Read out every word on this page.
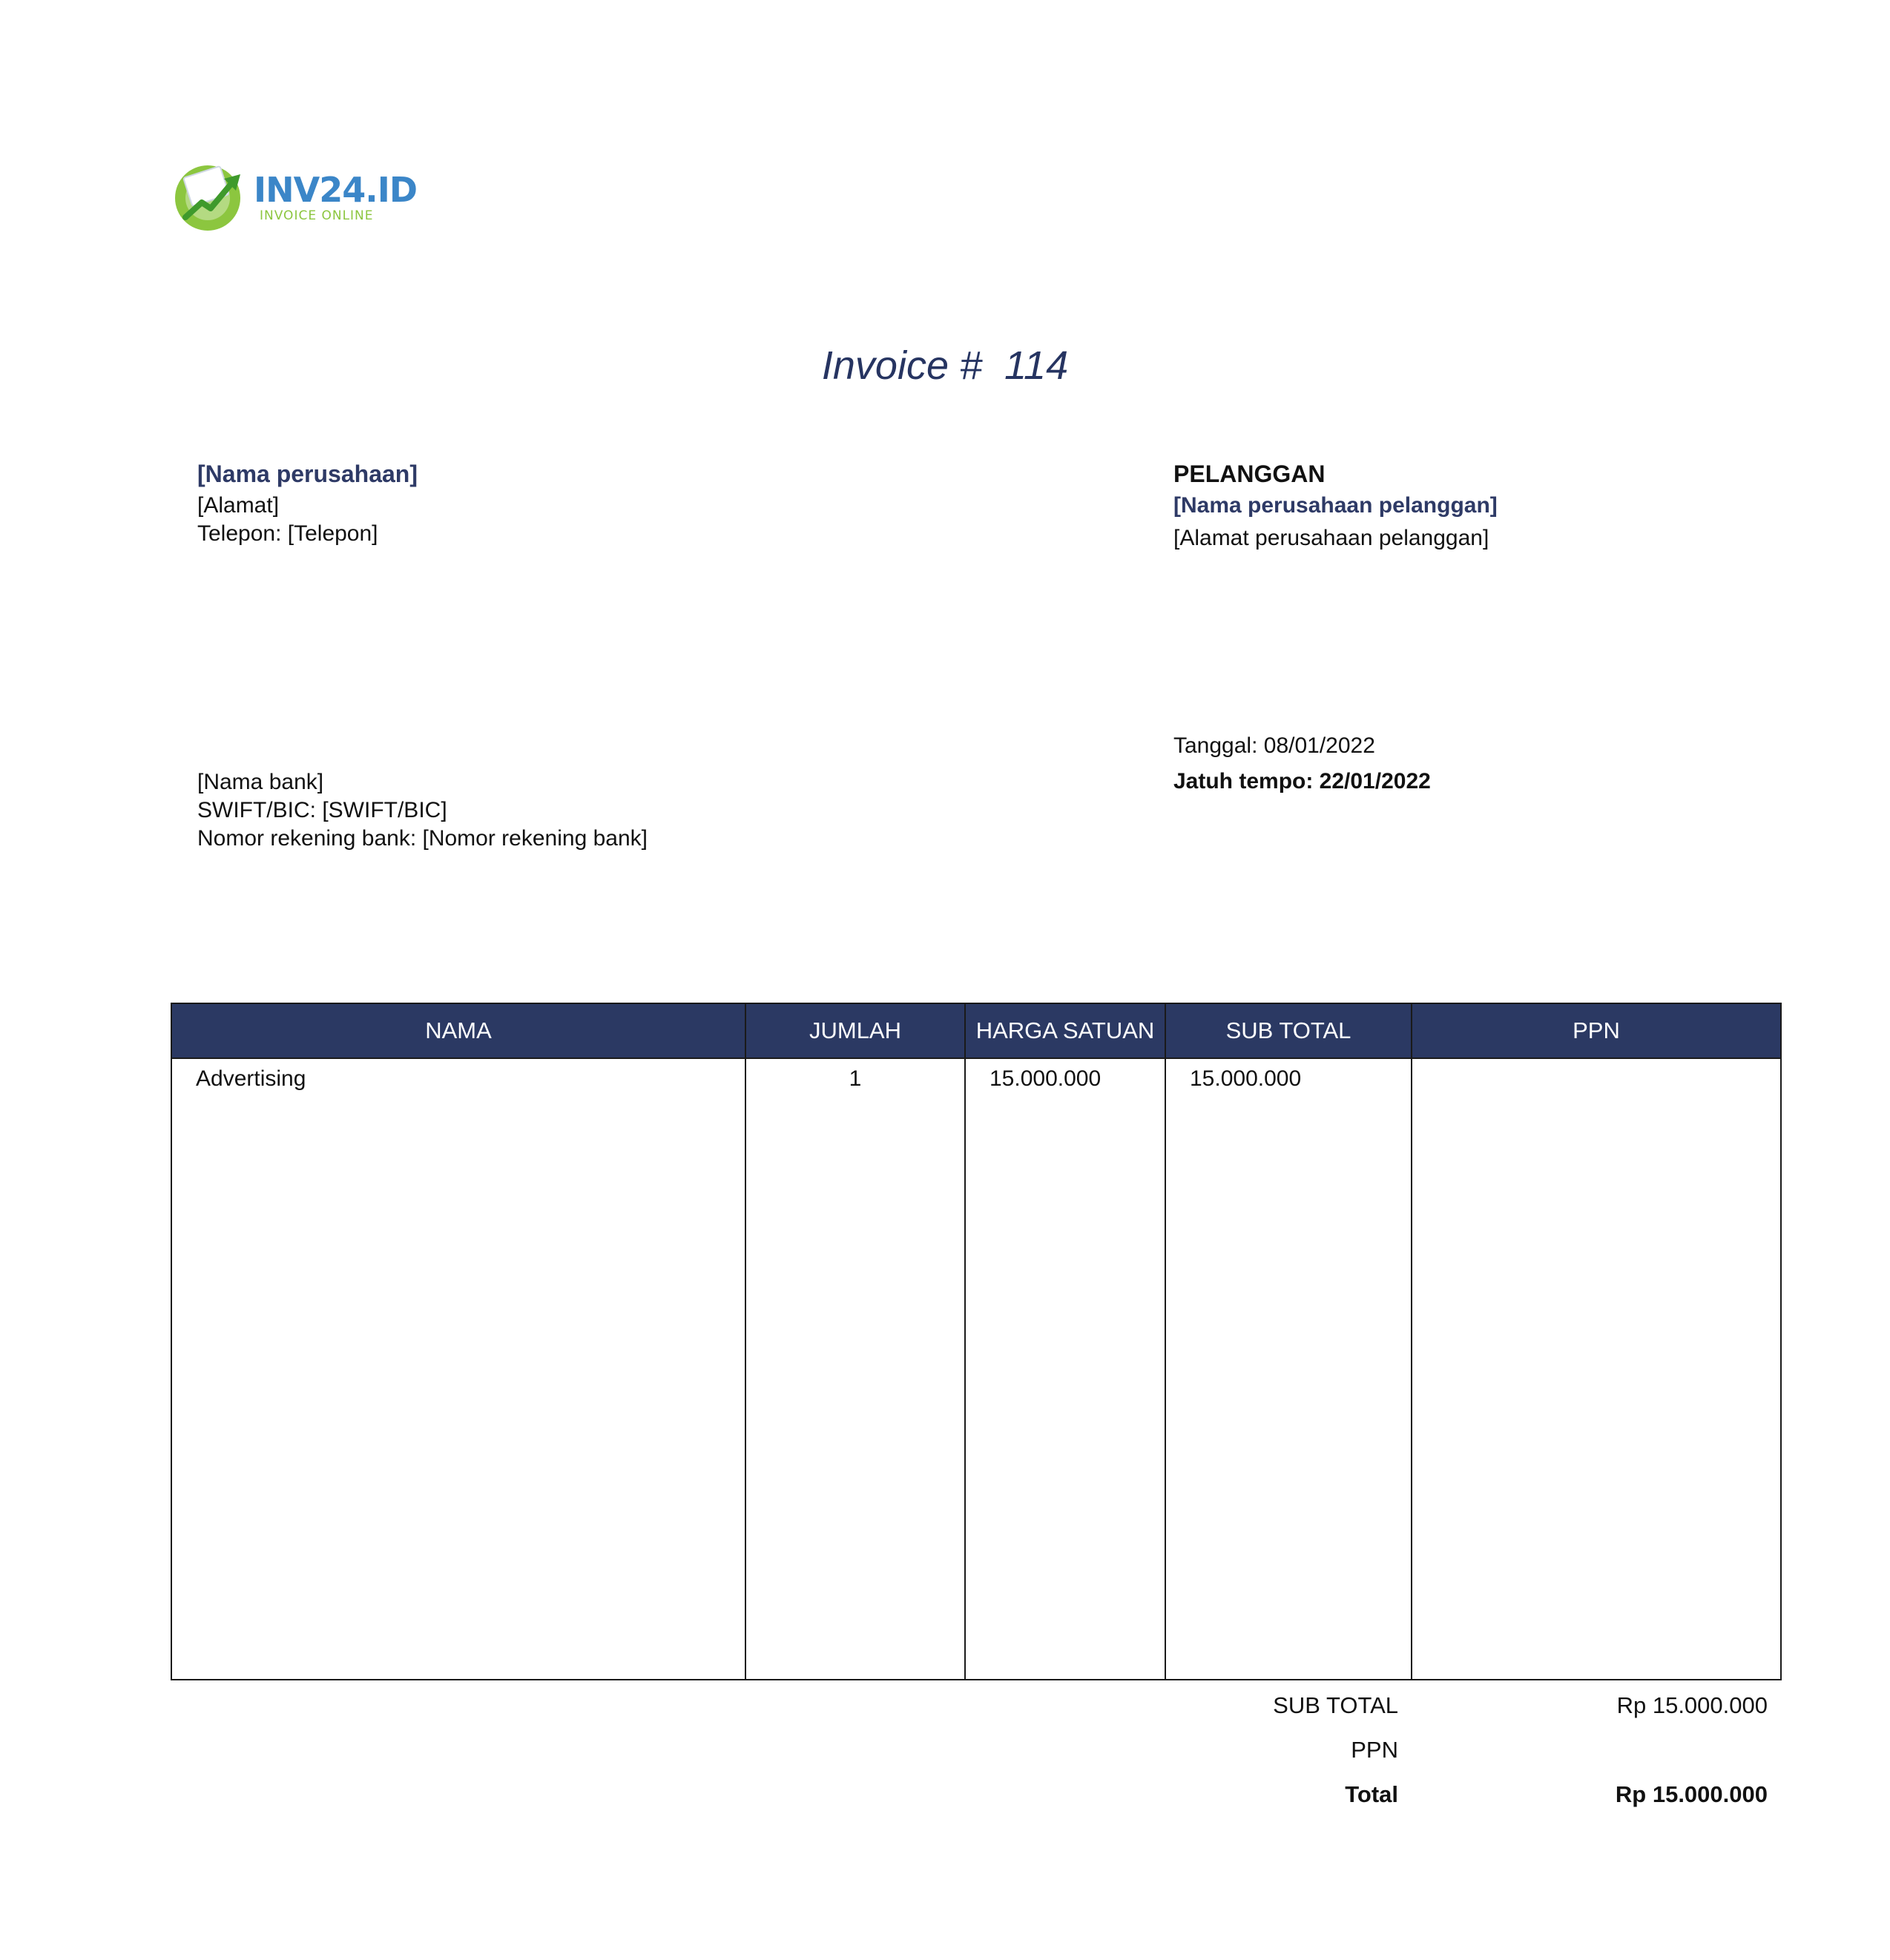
INV24.ID
INVOICE ONLINE
Invoice #  114
[Nama perusahaan]
[Alamat]
Telepon: [Telepon]
PELANGGAN
[Nama perusahaan pelanggan]
[Alamat perusahaan pelanggan]
Tanggal: 08/01/2022
Jatuh tempo: 22/01/2022
[Nama bank]
SWIFT/BIC: [SWIFT/BIC]
Nomor rekening bank: [Nomor rekening bank]
NAMA	JUMLAH	HARGA SATUAN	SUB TOTAL	PPN

Advertising	1	15.000.000	15.000.000	

SUB TOTAL	Rp 15.000.000
PPN
Total	Rp 15.000.000
